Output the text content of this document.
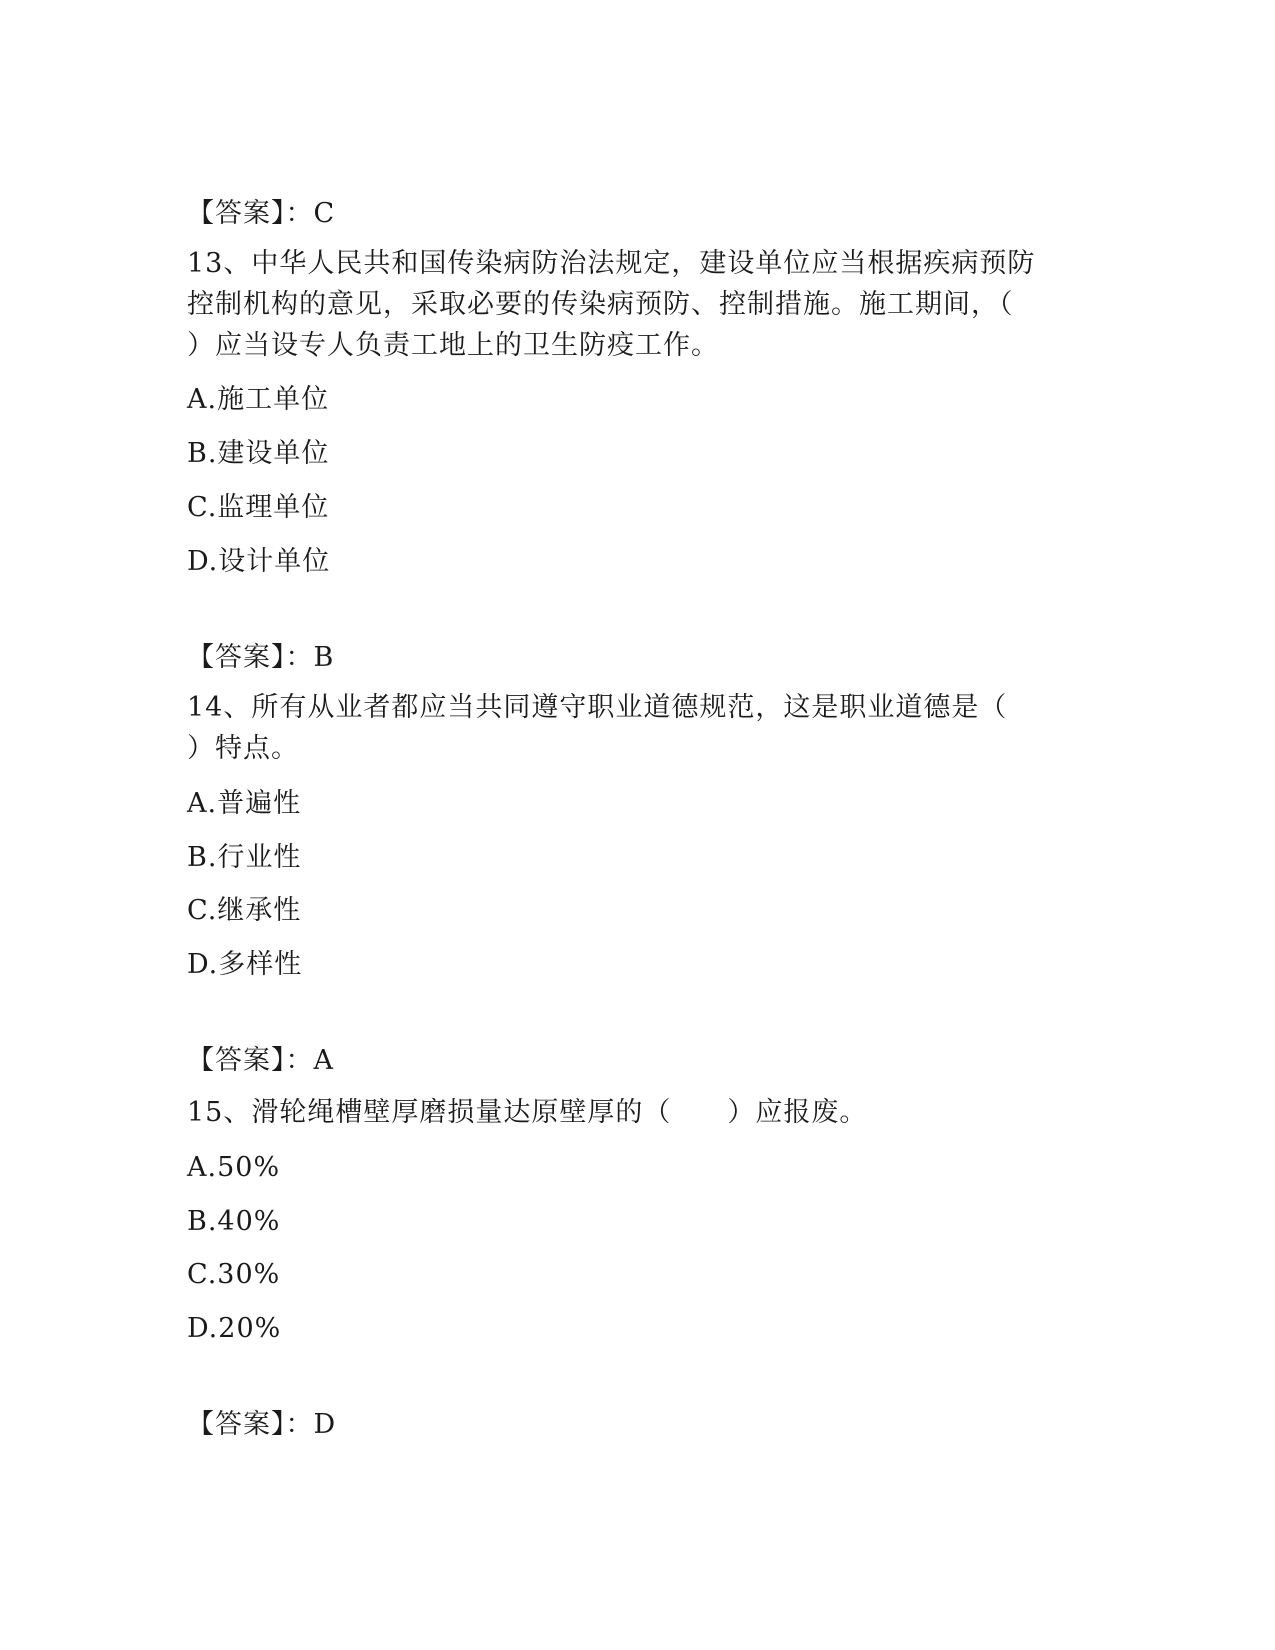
【答案】：C
13、中华人民共和国传染病防治法规定，建设单位应当根据疾病预防
控制机构的意见，采取必要的传染病预防、控制措施。施工期间，（
）应当设专人负责工地上的卫生防疫工作。
A.施工单位
B.建设单位
C.监理单位
D.设计单位
【答案】：B
14、所有从业者都应当共同遵守职业道德规范，这是职业道德是（
）特点。
A.普遍性
B.行业性
C.继承性
D.多样性
【答案】：A
15、滑轮绳槽壁厚磨损量达原壁厚的（　　）应报废。
A.50%
B.40%
C.30%
D.20%
【答案】：D
